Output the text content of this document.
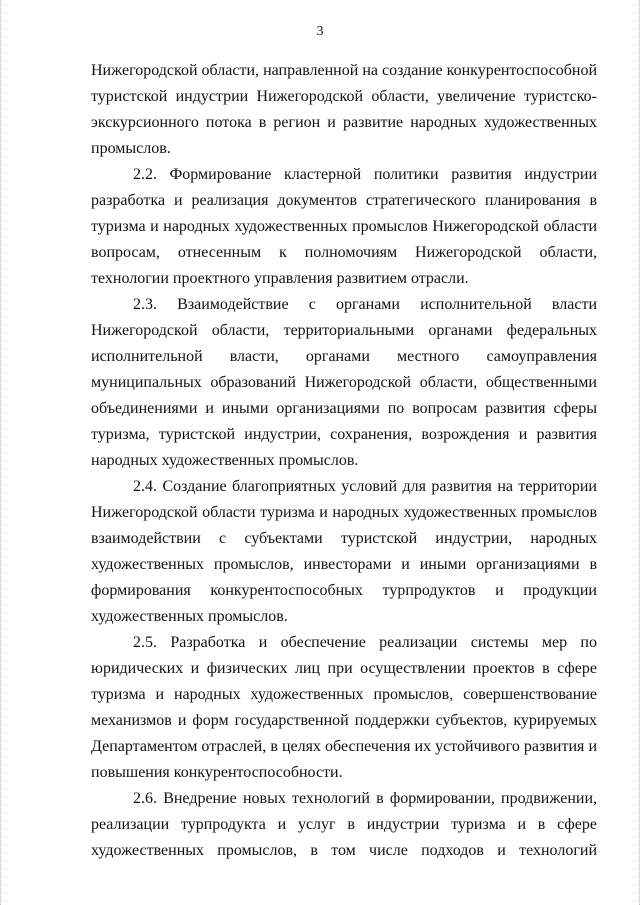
3
Нижегородской области, направленной на создание конкурентоспособной
туристской индустрии Нижегородской области, увеличение туристско-
экскурсионного потока в регион и развитие народных художественных
промыслов.
2.2. Формирование кластерной политики развития индустрии
разработка и реализация документов стратегического планирования в
туризма и народных художественных промыслов Нижегородской области
вопросам, отнесенным к полномочиям Нижегородской области,
технологии проектного управления развитием отрасли.
2.3. Взаимодействие с органами исполнительной власти
Нижегородской области, территориальными органами федеральных
исполнительной власти, органами местного самоуправления
муниципальных образований Нижегородской области, общественными
объединениями и иными организациями по вопросам развития сферы
туризма, туристской индустрии, сохранения, возрождения и развития
народных художественных промыслов.
2.4. Создание благоприятных условий для развития на территории
Нижегородской области туризма и народных художественных промыслов
взаимодействии с субъектами туристской индустрии, народных
художественных промыслов, инвесторами и иными организациями в
формирования конкурентоспособных турпродуктов и продукции
художественных промыслов.
2.5. Разработка и обеспечение реализации системы мер по
юридических и физических лиц при осуществлении проектов в сфере
туризма и народных художественных промыслов, совершенствование
механизмов и форм государственной поддержки субъектов, курируемых
Департаментом отраслей, в целях обеспечения их устойчивого развития и
повышения конкурентоспособности.
2.6. Внедрение новых технологий в формировании, продвижении,
реализации турпродукта и услуг в индустрии туризма и в сфере
художественных промыслов, в том числе подходов и технологий
